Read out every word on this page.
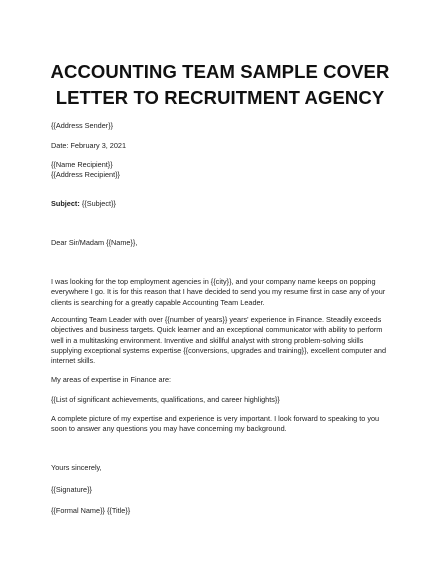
ACCOUNTING TEAM SAMPLE COVER
LETTER TO RECRUITMENT AGENCY
{{Address Sender}}
Date: February 3, 2021
{{Name Recipient}}
{{Address Recipient}}
Subject: {{Subject}}
Dear Sir/Madam {{Name}},
I was looking for the top employment agencies in {{city}}, and your company name keeps on popping everywhere I go. It is for this reason that I have decided to send you my resume first in case any of your clients is searching for a greatly capable Accounting Team Leader.
Accounting Team Leader with over {{number of years}} years' experience in Finance. Steadily exceeds objectives and business targets. Quick learner and an exceptional communicator with ability to perform well in a multitasking environment. Inventive and skillful analyst with strong problem-solving skills supplying exceptional systems expertise {{conversions, upgrades and training}}, excellent computer and internet skills.
My areas of expertise in Finance are:
{{List of significant achievements, qualifications, and career highlights}}
A complete picture of my expertise and experience is very important. I look forward to speaking to you soon to answer any questions you may have concerning my background.
Yours sincerely,
{{Signature}}
{{Formal Name}} {{Title}}
